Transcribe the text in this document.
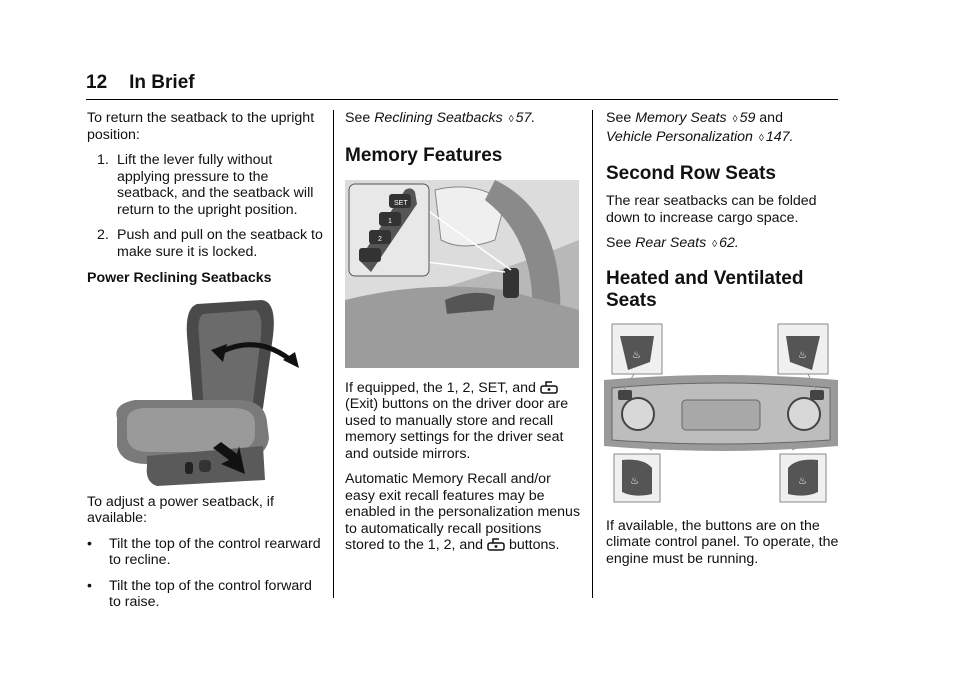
12 In Brief

To return the seatback to the upright position:

1. Lift the lever fully without applying pressure to the seatback, and the seatback will return to the upright position.
2. Push and pull on the seatback to make sure it is locked.

Power Reclining Seatbacks

To adjust a power seatback, if available:

•	Tilt the top of the control rearward to recline.
•	Tilt the top of the control forward to raise.

See Reclining Seatbacks ◊ 57.

Memory Features
SET
1
2

If equipped, the 1, 2, SET, and  (Exit) buttons on the driver door are used to manually store and recall memory settings for the driver seat and outside mirrors.

Automatic Memory Recall and/or easy exit recall features may be enabled in the personalization menus to automatically recall positions stored to the 1, 2, and buttons.

See Memory Seats ◊ 59 and
Vehicle Personalization ◊ 147.

Second Row Seats

The rear seatbacks can be folded down to increase cargo space.

See Rear Seats ◊ 62.

Heated and Ventilated Seats
♨	♨
♨	♨

If available, the buttons are on the climate control panel. To operate, the engine must be running.
